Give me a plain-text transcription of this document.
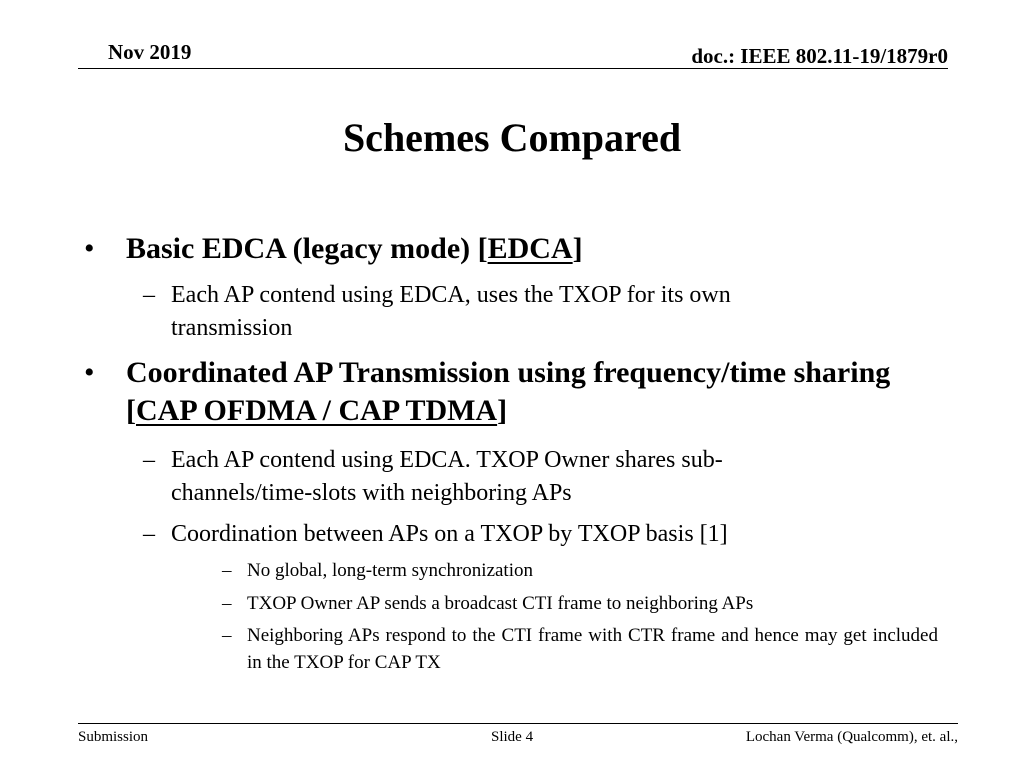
Nov 2019	doc.: IEEE 802.11-19/1879r0
Schemes Compared
•	Basic EDCA (legacy mode) [EDCA]
– Each AP contend using EDCA, uses the TXOP for its own transmission
•	Coordinated AP Transmission using frequency/time sharing [CAP OFDMA / CAP TDMA]
– Each AP contend using EDCA. TXOP Owner shares sub-channels/time-slots with neighboring APs
– Coordination between APs on a TXOP by TXOP basis [1]
– No global, long-term synchronization
– TXOP Owner AP sends a broadcast CTI frame to neighboring APs
– Neighboring APs respond to the CTI frame with CTR frame and hence may get included in the TXOP for CAP TX
Submission	Slide 4	Lochan Verma (Qualcomm), et. al.,
